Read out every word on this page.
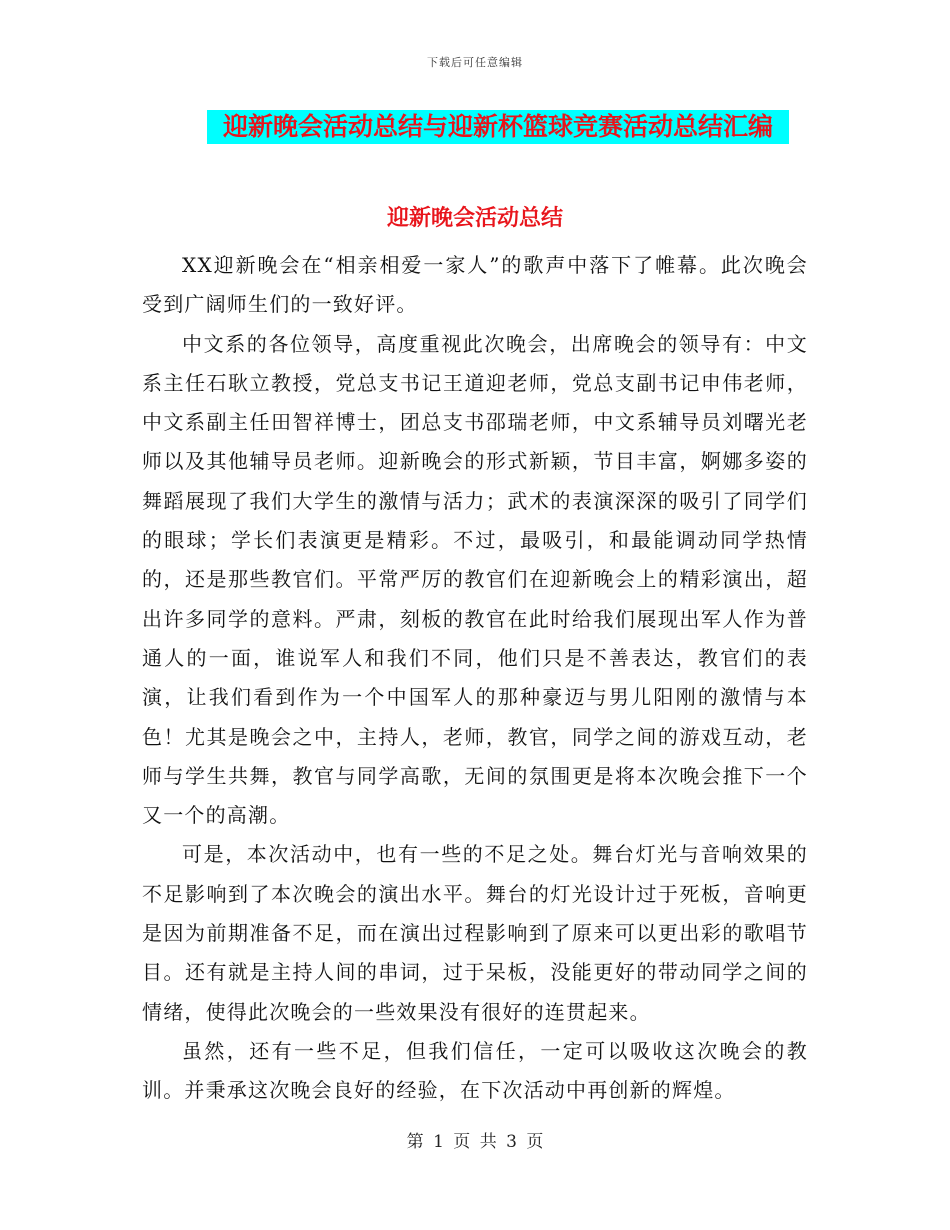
下载后可任意编辑
迎新晚会活动总结与迎新杯篮球竞赛活动总结汇编
迎新晚会活动总结

XX迎新晚会在“相亲相爱一家人”的歌声中落下了帷幕。此次晚会受到广阔师生们的一致好评。

中文系的各位领导，高度重视此次晚会，出席晚会的领导有：中文系主任石耿立教授，党总支书记王道迎老师，党总支副书记申伟老师，中文系副主任田智祥博士，团总支书邵瑞老师，中文系辅导员刘曙光老师以及其他辅导员老师。迎新晚会的形式新颖，节目丰富，婀娜多姿的舞蹈展现了我们大学生的激情与活力；武术的表演深深的吸引了同学们的眼球；学长们表演更是精彩。不过，最吸引，和最能调动同学热情的，还是那些教官们。平常严厉的教官们在迎新晚会上的精彩演出，超出许多同学的意料。严肃，刻板的教官在此时给我们展现出军人作为普通人的一面，谁说军人和我们不同，他们只是不善表达，教官们的表演，让我们看到作为一个中国军人的那种豪迈与男儿阳刚的激情与本色！尤其是晚会之中，主持人，老师，教官，同学之间的游戏互动，老师与学生共舞，教官与同学高歌，无间的氛围更是将本次晚会推下一个又一个的高潮。

可是，本次活动中，也有一些的不足之处。舞台灯光与音响效果的不足影响到了本次晚会的演出水平。舞台的灯光设计过于死板，音响更是因为前期准备不足，而在演出过程影响到了原来可以更出彩的歌唱节目。还有就是主持人间的串词，过于呆板，没能更好的带动同学之间的情绪，使得此次晚会的一些效果没有很好的连贯起来。

虽然，还有一些不足，但我们信任，一定可以吸收这次晚会的教训。并秉承这次晚会良好的经验，在下次活动中再创新的辉煌。

第 1 页 共 3 页
